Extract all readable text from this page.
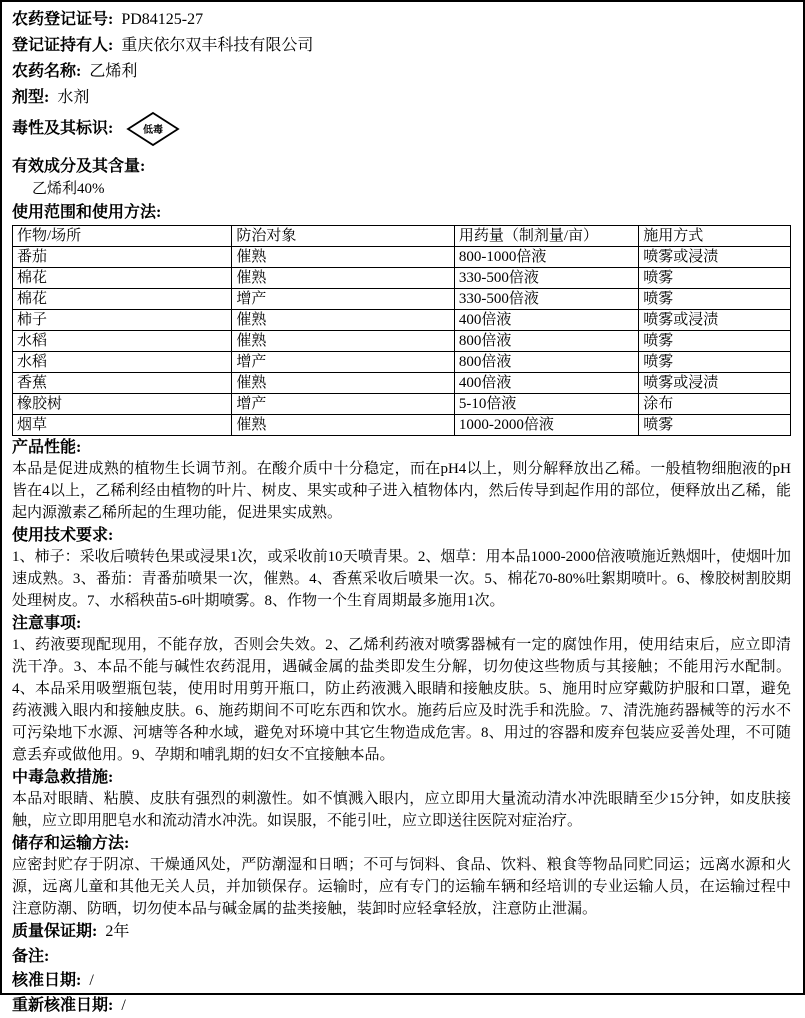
农药登记证号: PD84125-27
登记证持有人: 重庆依尔双丰科技有限公司
农药名称: 乙烯利
剂型: 水剂
毒性及其标识:	低毒
有效成分及其含量:
乙烯利40%
使用范围和使用方法:
作物/场所	防治对象	用药量（制剂量/亩）	施用方式
番茄	催熟	800-1000倍液	喷雾或浸渍
棉花	催熟	330-500倍液	喷雾
棉花	增产	330-500倍液	喷雾
柿子	催熟	400倍液	喷雾或浸渍
水稻	催熟	800倍液	喷雾
水稻	增产	800倍液	喷雾
香蕉	催熟	400倍液	喷雾或浸渍
橡胶树	增产	5-10倍液	涂布
烟草	催熟	1000-2000倍液	喷雾
产品性能:

本品是促进成熟的植物生长调节剂。在酸介质中十分稳定，而在pH4以上，则分解释放出乙稀。一般植物细胞液的pH皆在4以上，乙稀利经由植物的叶片、树皮、果实或种子进入植物体内，然后传导到起作用的部位，便释放出乙稀，能起内源激素乙稀所起的生理功能，促进果实成熟。

使用技术要求:

1、柿子：采收后喷转色果或浸果1次，或采收前10天喷青果。2、烟草：用本品1000-2000倍液喷施近熟烟叶，使烟叶加速成熟。3、番茄：青番茄喷果一次，催熟。4、香蕉采收后喷果一次。5、棉花70-80%吐絮期喷叶。6、橡胶树割胶期处理树皮。7、水稻秧苗5-6叶期喷雾。8、作物一个生育周期最多施用1次。

注意事项:

1、药液要现配现用，不能存放，否则会失效。2、乙烯利药液对喷雾器械有一定的腐蚀作用，使用结束后，应立即清洗干净。3、本品不能与碱性农药混用，遇碱金属的盐类即发生分解，切勿使这些物质与其接触；不能用污水配制。4、本品采用吸塑瓶包装，使用时用剪开瓶口，防止药液溅入眼睛和接触皮肤。5、施用时应穿戴防护服和口罩，避免药液溅入眼内和接触皮肤。6、施药期间不可吃东西和饮水。施药后应及时洗手和洗脸。7、清洗施药器械等的污水不可污染地下水源、河塘等各种水域，避免对环境中其它生物造成危害。8、用过的容器和废弃包装应妥善处理，不可随意丢弃或做他用。9、孕期和哺乳期的妇女不宜接触本品。

中毒急救措施:

本品对眼睛、粘膜、皮肤有强烈的刺激性。如不慎溅入眼内，应立即用大量流动清水冲洗眼睛至少15分钟，如皮肤接触，应立即用肥皂水和流动清水冲洗。如误服，不能引吐，应立即送往医院对症治疗。

储存和运输方法:

应密封贮存于阴凉、干燥通风处，严防潮湿和日晒；不可与饲料、食品、饮料、粮食等物品同贮同运；远离水源和火源，远离儿童和其他无关人员，并加锁保存。运输时，应有专门的运输车辆和经培训的专业运输人员，在运输过程中注意防潮、防晒，切勿使本品与碱金属的盐类接触，装卸时应轻拿轻放，注意防止泄漏。

质量保证期: 2年
备注:
核准日期: /
重新核准日期: /
